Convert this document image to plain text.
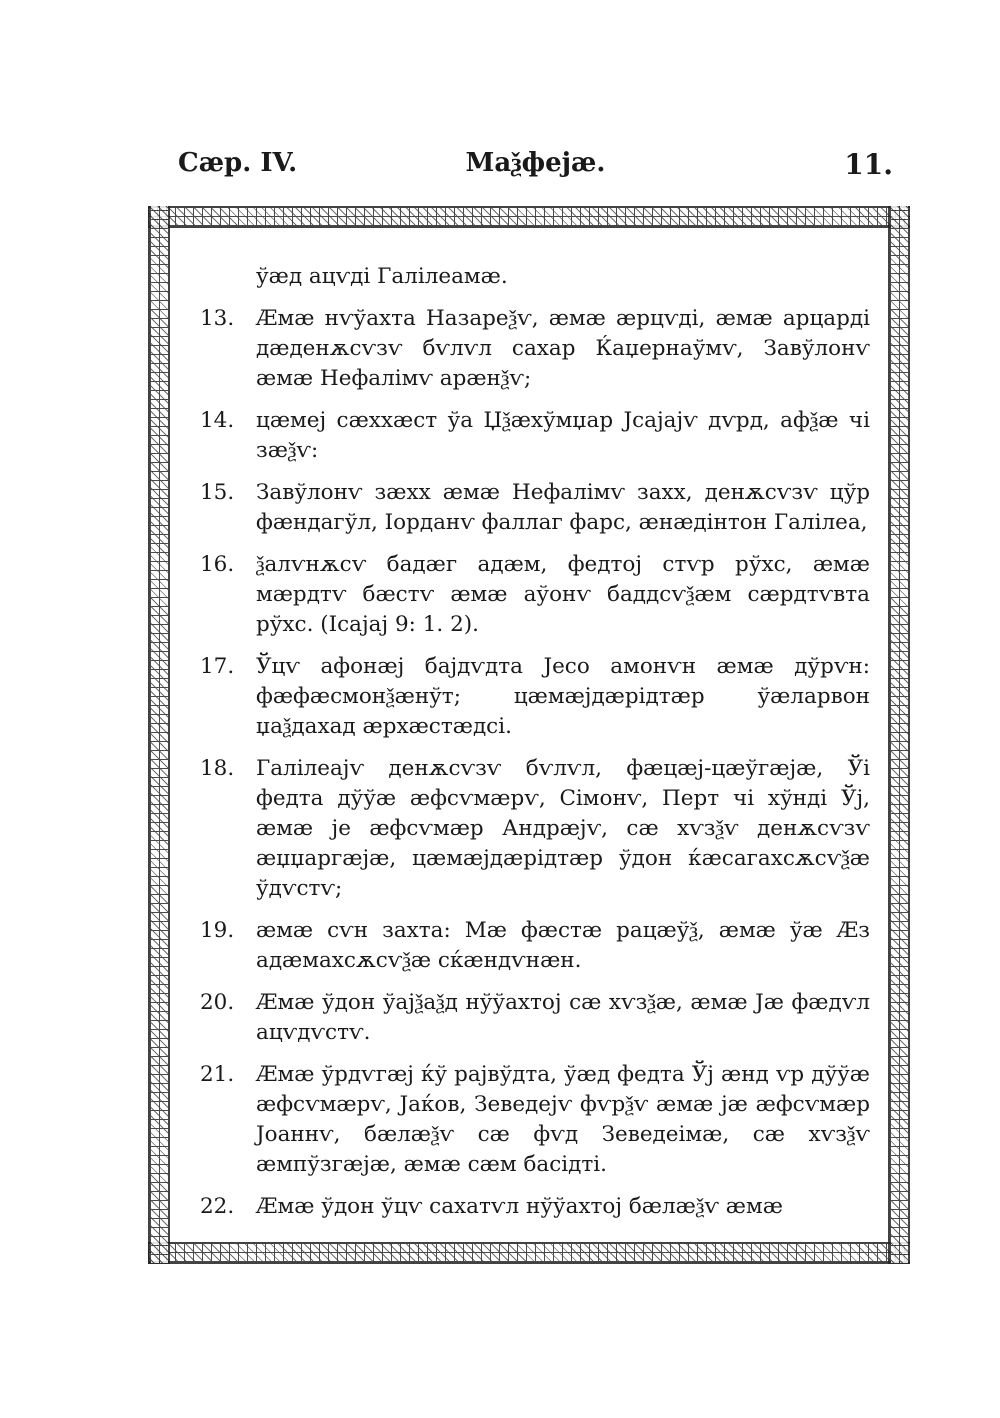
Сæр. IV.	Маѯфејæ.	11.
ўæд ацѵді Галілеамæ.
13.	Æмæ нѵўахта Назареѯѵ, æмæ æрцѵді, æмæ арцарді дæденѫсѵзѵ бѵлѵл сахар Ќаџернаўмѵ, Завўлонѵ æмæ Нефалімѵ арæнѯѵ;
14.	цæмеј сæххæст ўа Џѯæхўмџар Јсајајѵ дѵрд, афѯæ чі зæѯѵ:
15.	Завўлонѵ зæхх æмæ Нефалімѵ захх, денѫсѵзѵ цўр фæндагўл, Іорданѵ фаллаг фарс, æнæдінтон Галілеа,
16.	ѯалѵнѫсѵ бадæг адæм, федтој стѵр рўхс, æмæ мæрдтѵ бæстѵ æмæ аўонѵ баддсѵѯæм сæрдтѵвта рўхс. (Ісајај 9: 1. 2).
17.	Ўцѵ афонæј бајдѵдта Јесо амонѵн æмæ дўрѵн: фæфæсмонѯæнўт; цæмæјдæрідтæр ўæларвон џаѯдахад æрхæстæдсі.
18.	Галілеајѵ денѫсѵзѵ бѵлѵл, фæцæј-цæўгæјæ, Ўі федта дўўæ æфсѵмæрѵ, Сімонѵ, Перт чі хўнді Ўј, æмæ је æфсѵмæр Андрæјѵ, сæ хѵзѯѵ денѫсѵзѵ æџџаргæјæ, цæмæјдæрідтæр ўдон ќæсагахсѫсѵѯæ ўдѵстѵ;
19.	æмæ сѵн захта: Мæ фæстæ рацæўѯ, æмæ ўæ Æз адæмахсѫсѵѯæ сќæндѵнæн.
20.	Æмæ ўдон ўајѯаѯд нўўахтој сæ хѵзѯæ, æмæ Јæ фæдѵл ацѵдѵстѵ.
21.	Æмæ ўрдѵгæј ќў рајвўдта, ўæд федта Ўј æнд ѵр дўўæ æфсѵмæрѵ, Јаќов, Зеведејѵ фѵрѯѵ æмæ јæ æфсѵмæр Јоаннѵ, бæлæѯѵ сæ фѵд Зеведеімæ, сæ хѵзѯѵ æмпўзгæјæ, æмæ сæм басідті.
22.	Æмæ ўдон ўцѵ сахатѵл нўўахтој бæлæѯѵ æмæ
